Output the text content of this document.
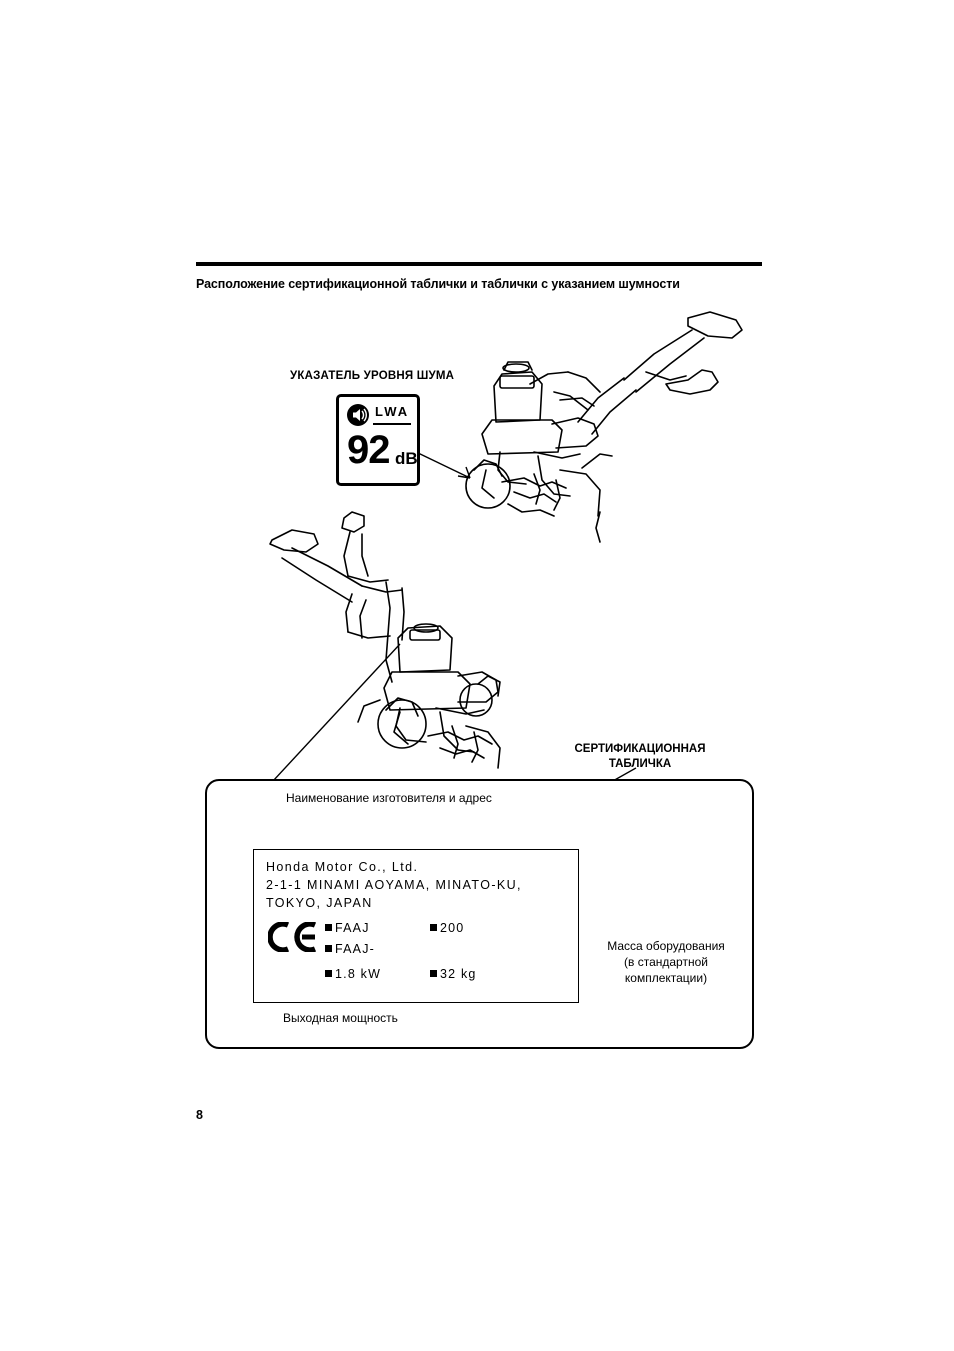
Расположение сертификационной таблички и таблички с указанием шумности
УКАЗАТЕЛЬ УРОВНЯ ШУМА
LWA
92 dB
СЕРТИФИКАЦИОННАЯ
ТАБЛИЧКА
Honda Motor Co., Ltd.
2-1-1 MINAMI AOYAMA, MINATO-KU,
TOKYO, JAPAN
FAAJ
FAAJ-
200
1.8 kW	32 kg
Наименование изготовителя и адрес
Выходная мощность
Масса оборудования
(в стандартной
комплектации)
8
